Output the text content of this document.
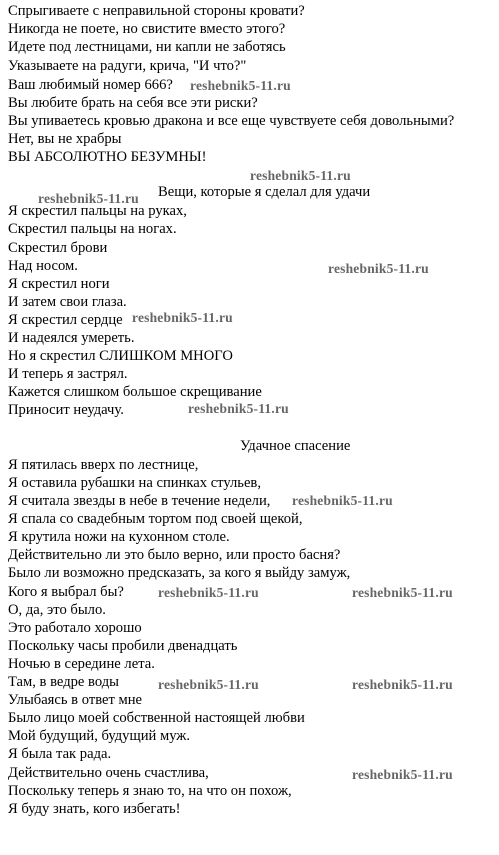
Спрыгиваете с неправильной стороны кровати?
Никогда не поете, но свистите вместо этого?
Идете под лестницами, ни капли не заботясь
Указываете на радуги, крича, "И что?"
Ваш любимый номер 666?
Вы любите брать на себя все эти риски?
Вы упиваетесь кровью дракона и все еще чувствуете себя довольными?
Нет, вы не храбры
ВЫ АБСОЛЮТНО БЕЗУМНЫ!
Вещи, которые я сделал для удачи
Я скрестил пальцы на руках,
Скрестил пальцы на ногах.
Скрестил брови
Над носом.
Я скрестил ноги
И затем свои глаза.
Я скрестил сердце
И надеялся умереть.
Но я скрестил СЛИШКОМ МНОГО
И теперь я застрял.
Кажется слишком большое скрещивание
Приносит неудачу.
Удачное спасение
Я пятилась вверх по лестнице,
Я оставила рубашки на спинках стульев,
Я считала звезды в небе в течение недели,
Я спала со свадебным тортом под своей щекой,
Я крутила ножи на кухонном столе.
Действительно ли это было верно, или просто басня?
Было ли возможно предсказать, за кого я выйду замуж,
Кого я выбрал бы?
О, да, это было.
Это работало хорошо
Поскольку часы пробили двенадцать
Ночью в середине лета.
Там, в ведре воды
Улыбаясь в ответ мне
Было лицо моей собственной настоящей любви
Мой будущий, будущий муж.
Я была так рада.
Действительно очень счастлива,
Поскольку теперь я знаю то, на что он похож,
Я буду знать, кого избегать!
reshebnik5-11.ru
reshebnik5-11.ru
reshebnik5-11.ru
reshebnik5-11.ru
reshebnik5-11.ru
reshebnik5-11.ru
reshebnik5-11.ru
reshebnik5-11.ru	reshebnik5-11.ru
reshebnik5-11.ru	reshebnik5-11.ru
reshebnik5-11.ru
